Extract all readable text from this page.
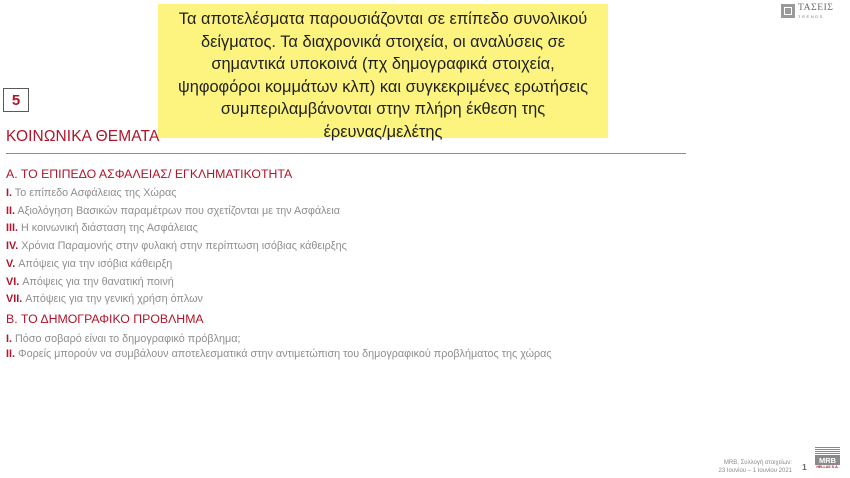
Τα αποτελέσματα παρουσιάζονται σε επίπεδο συνολικού
δείγματος. Τα διαχρονικά στοιχεία, οι αναλύσεις σε
σημαντικά υποκοινά (πχ δημογραφικά στοιχεία,
ψηφοφόροι κομμάτων κλπ) και συγκεκριμένες ερωτήσεις
συμπεριλαμβάνονται στην πλήρη έκθεση της
έρευνας/μελέτης
5
ΚΟΙΝΩΝΙΚΑ ΘΕΜΑΤΑ
Α. ΤΟ ΕΠΙΠΕΔΟ ΑΣΦΑΛΕΙΑΣ/ ΕΓΚΛΗΜΑΤΙΚΟΤΗΤΑ
Ι. Το επίπεδο Ασφάλειας της Χώρας
ΙΙ. Αξιολόγηση Βασικών παραμέτρων που σχετίζονται με την Ασφάλεια
ΙΙΙ. Η κοινωνική διάσταση της Ασφάλειας
IV. Χρόνια Παραμονής στην φυλακή στην περίπτωση ισόβιας κάθειρξης
V. Απόψεις για την ισόβια κάθειρξη
VI. Απόψεις για την θανατική ποινή
VII. Απόψεις για την γενική χρήση όπλων
Β. ΤΟ ΔΗΜΟΓΡΑΦΙΚΟ ΠΡΟΒΛΗΜΑ
Ι. Πόσο σοβαρό είναι το δημογραφικό πρόβλημα;
ΙΙ. Φορείς μπορούν να συμβάλουν αποτελεσματικά στην αντιμετώπιση του δημογραφικού προβλήματος της χώρας
ΤΑΣΕΙΣ
TRENDS
MRB, Συλλογή στοιχείων:
23 Ιουνίου – 1 Ιουνίου 2021 1
MRB
HELLAS S.A.
